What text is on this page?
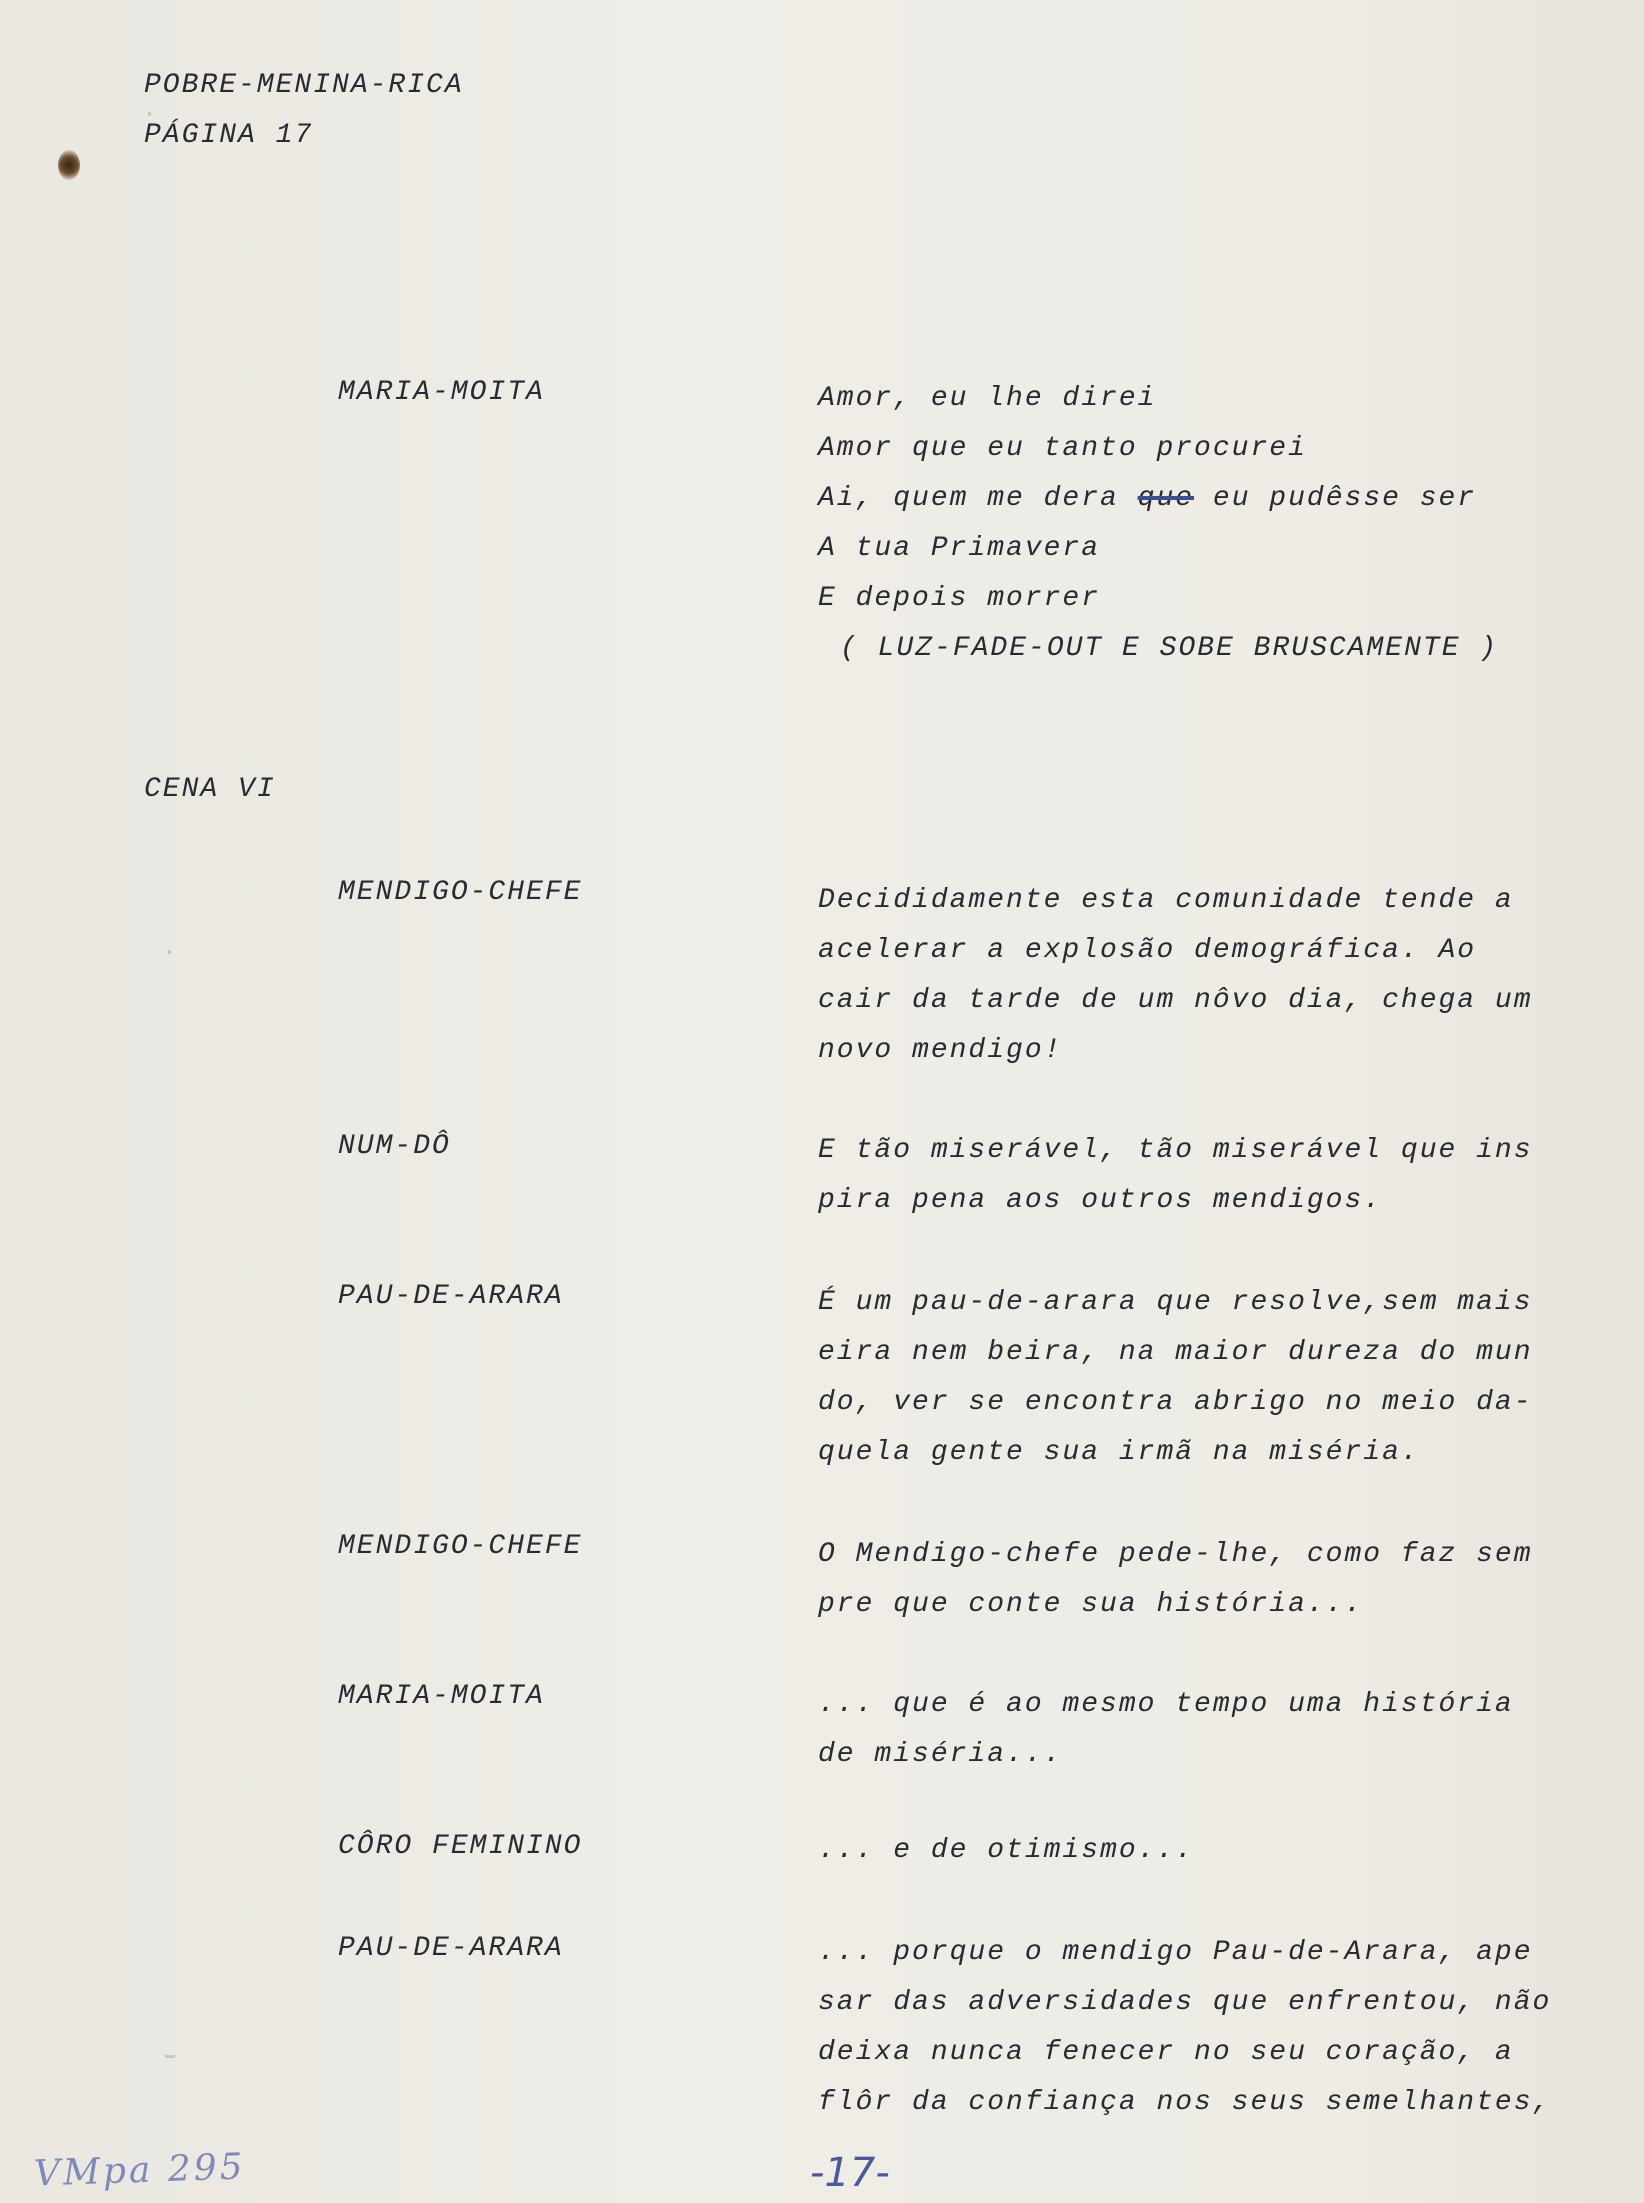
POBRE-MENINA-RICA
PÁGINA 17
MARIA-MOITA	Amor, eu lhe direi
Amor que eu tanto procurei
Ai, quem me dera que eu pudêsse ser
A tua Primavera
E depois morrer
( LUZ-FADE-OUT E SOBE BRUSCAMENTE )
CENA VI
MENDIGO-CHEFE	Decididamente esta comunidade tende a
acelerar a explosão demográfica. Ao
cair da tarde de um nôvo dia, chega um
novo mendigo!
NUM-DÔ	E tão miserável, tão miserável que ins
pira pena aos outros mendigos.
PAU-DE-ARARA	É um pau-de-arara que resolve,sem mais
eira nem beira, na maior dureza do mun
do, ver se encontra abrigo no meio da-
quela gente sua irmã na miséria.
MENDIGO-CHEFE	O Mendigo-chefe pede-lhe, como faz sem
pre que conte sua história...
MARIA-MOITA	... que é ao mesmo tempo uma história
de miséria...
CÔRO FEMININO	... e de otimismo...
PAU-DE-ARARA	... porque o mendigo Pau-de-Arara, ape
sar das adversidades que enfrentou, não
deixa nunca fenecer no seu coração, a
flôr da confiança nos seus semelhantes,
VMpa 295	-17-
